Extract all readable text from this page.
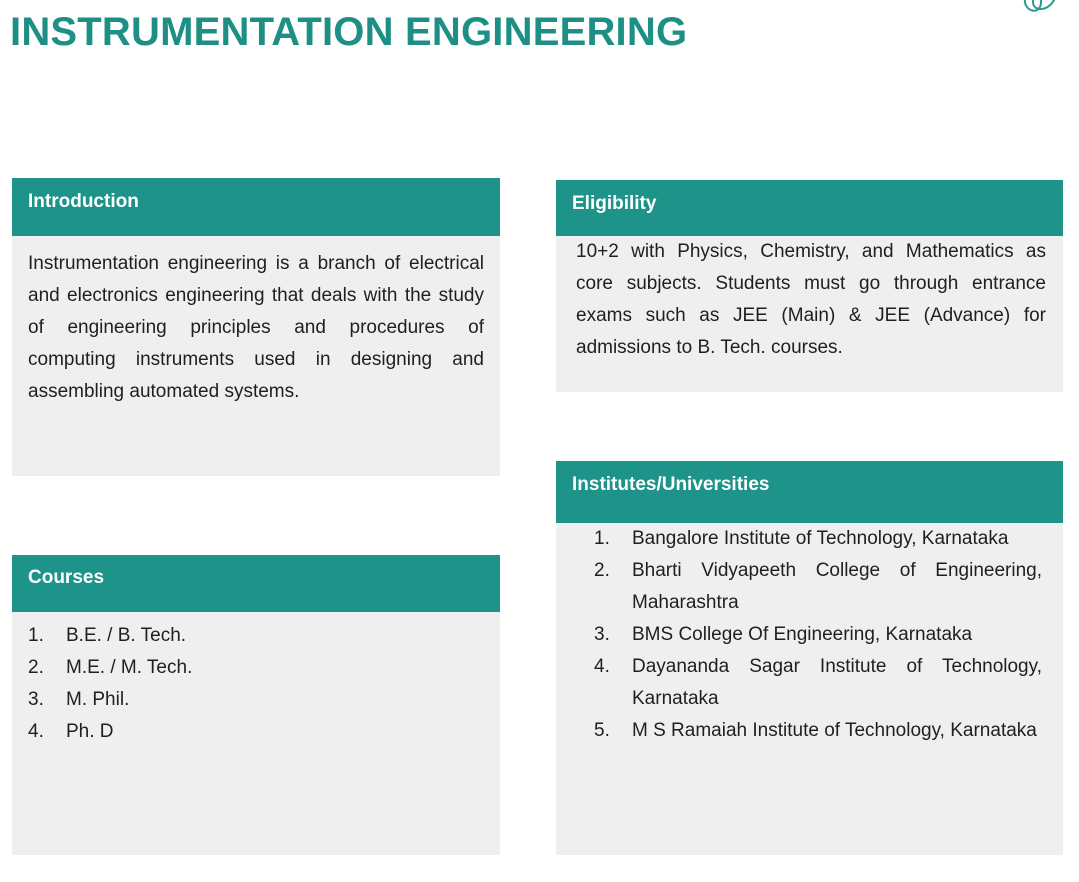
INSTRUMENTATION ENGINEERING
Introduction

Instrumentation engineering is a branch of electrical and electronics engineering that deals with the study of engineering principles and procedures of computing instruments used in designing and assembling automated systems.

Eligibility

10+2 with Physics, Chemistry, and Mathematics as core subjects. Students must go through entrance exams such as JEE (Main) & JEE (Advance) for admissions to B. Tech. courses.

Courses
1.	B.E. / B. Tech.
2.	M.E. / M. Tech.
3.	M. Phil.
4.	Ph. D
Institutes/Universities
1.	Bangalore Institute of Technology, Karnataka
2.	Bharti Vidyapeeth College of Engineering, Maharashtra
3.	BMS College Of Engineering, Karnataka
4.	Dayananda Sagar Institute of Technology, Karnataka
5.	M S Ramaiah Institute of Technology, Karnataka
